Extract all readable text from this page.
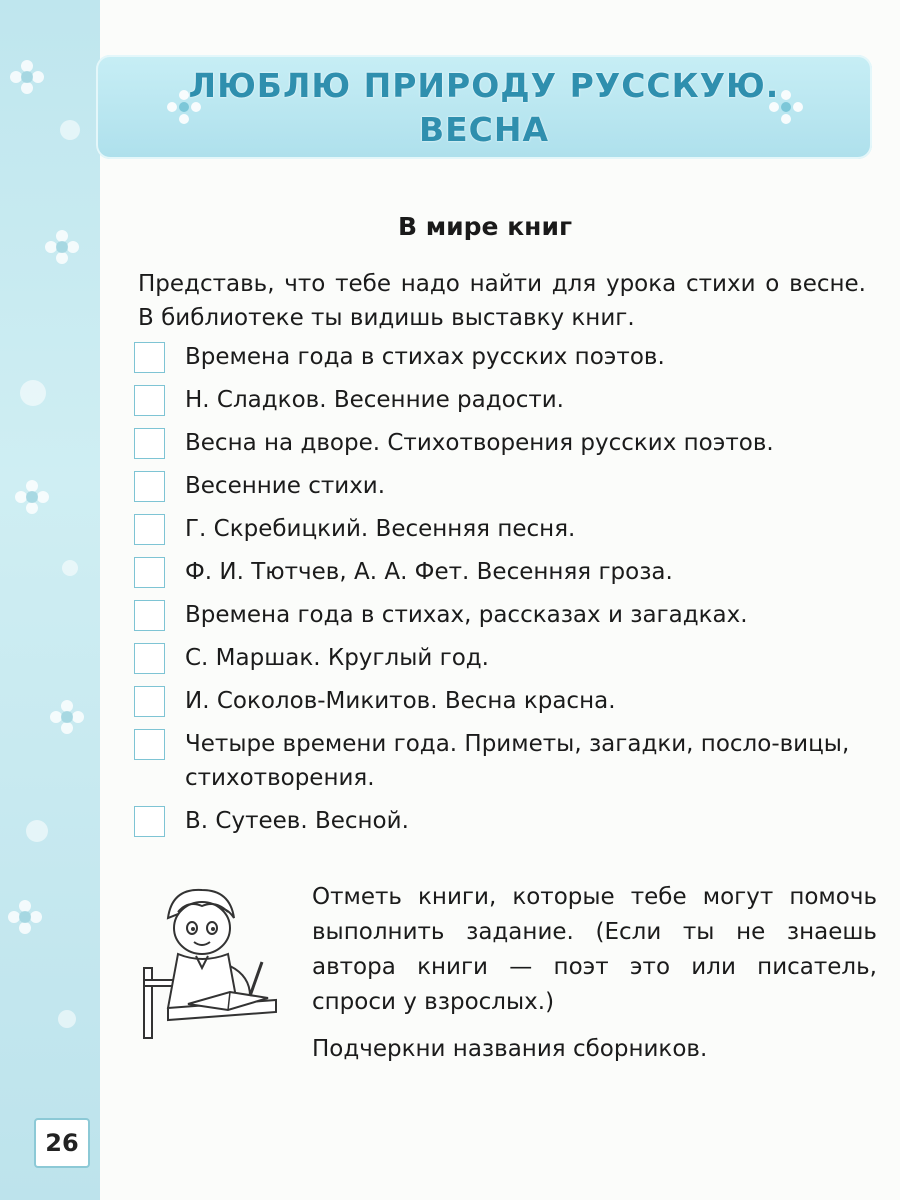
ЛЮБЛЮ ПРИРОДУ РУССКУЮ.
ВЕСНА
В мире книг
Представь, что тебе надо найти для урока стихи о весне. В библиотеке ты видишь выставку книг.
Времена года в стихах русских поэтов.
Н. Сладков. Весенние радости.
Весна на дворе. Стихотворения русских поэтов.
Весенние стихи.
Г. Скребицкий. Весенняя песня.
Ф. И. Тютчев, А. А. Фет. Весенняя гроза.
Времена года в стихах, рассказах и загадках.
С. Маршак. Круглый год.
И. Соколов-Микитов. Весна красна.
Четыре времени года. Приметы, загадки, посло-вицы, стихотворения.
В. Сутеев. Весной.

Отметь книги, которые тебе могут помочь выполнить задание. (Если ты не знаешь автора книги — поэт это или писатель, спроси у взрослых.)

Подчеркни названия сборников.

26
